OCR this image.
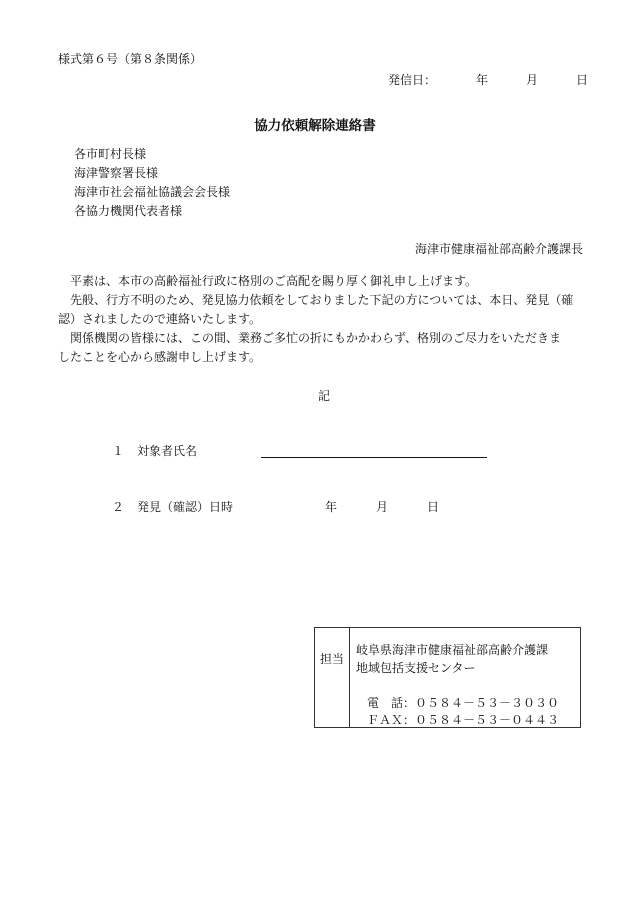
様式第６号（第８条関係）
発信日：	年	月	日
協力依頼解除連絡書
各市町村長様
海津警察署長様
海津市社会福祉協議会会長様
各協力機関代表者様
海津市健康福祉部高齢介護課長

　平素は、本市の高齢福祉行政に格別のご高配を賜り厚く御礼申し上げます。

　先般、行方不明のため、発見協力依頼をしておりました下記の方については、本日、発見（確

認）されましたので連絡いたします。

　関係機関の皆様には、この間、業務ご多忙の折にもかかわらず、格別のご尽力をいただきま

したことを心から感謝申し上げます。

記
１ 対象者氏名
２ 発見（確認）日時	年	月	日
担当
岐阜県海津市健康福祉部高齢介護課
地域包括支援センター
電　話：０５８４－５３－３０３０
ＦＡＸ：０５８４－５３－０４４３
